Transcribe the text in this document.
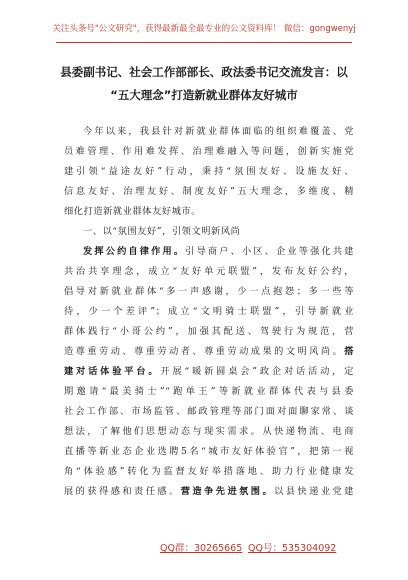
关注头条号"公文研究"，获得最新最全最专业的公文资料库！ 微信：gongwenyj
县委副书记、社会工作部部长、政法委书记交流发言：以
“五大理念”打造新就业群体友好城市
今年以来，我县针对新就业群体面临的组织难覆盖、党
员难管理、作用难发挥、治理难融入等问题，创新实施党
建引领“益途友好”行动，秉持“氛围友好、设施友好、
信息友好、治理友好、制度友好”五大理念，多维度、精
细化打造新就业群体友好城市。
一、以“氛围友好”，引领文明新风尚
发挥公约自律作用。引导商户、小区、企业等强化共建
共治共享理念，成立“友好单元联盟”，发布友好公约，
倡导对新就业群体“多一声感谢，少一点抱怨；多一些等
待，少一个差评”；成立“文明骑士联盟”，引导新就业
群体践行“小哥公约”，加强其配送、驾驶行为规范，营
造尊重劳动、尊重劳动者、尊重劳动成果的文明风尚。搭
建对话体验平台。开展“暖新圆桌会”政企对话活动，定
期邀请“最美骑士”“跑单王”等新就业群体代表与县委
社会工作部、市场监管、邮政管理等部门面对面聊家常、谈
想法，了解他们思想动态与现实需求。从快递物流、电商
直播等新业态企业选聘5名“城市友好体验官”，把第一视
角“体验感”转化为监督友好举措落地、助力行业健康发
展的获得感和责任感。营造争先进氛围。以县快递业党建
QQ群：30265665 QQ号：535304092
